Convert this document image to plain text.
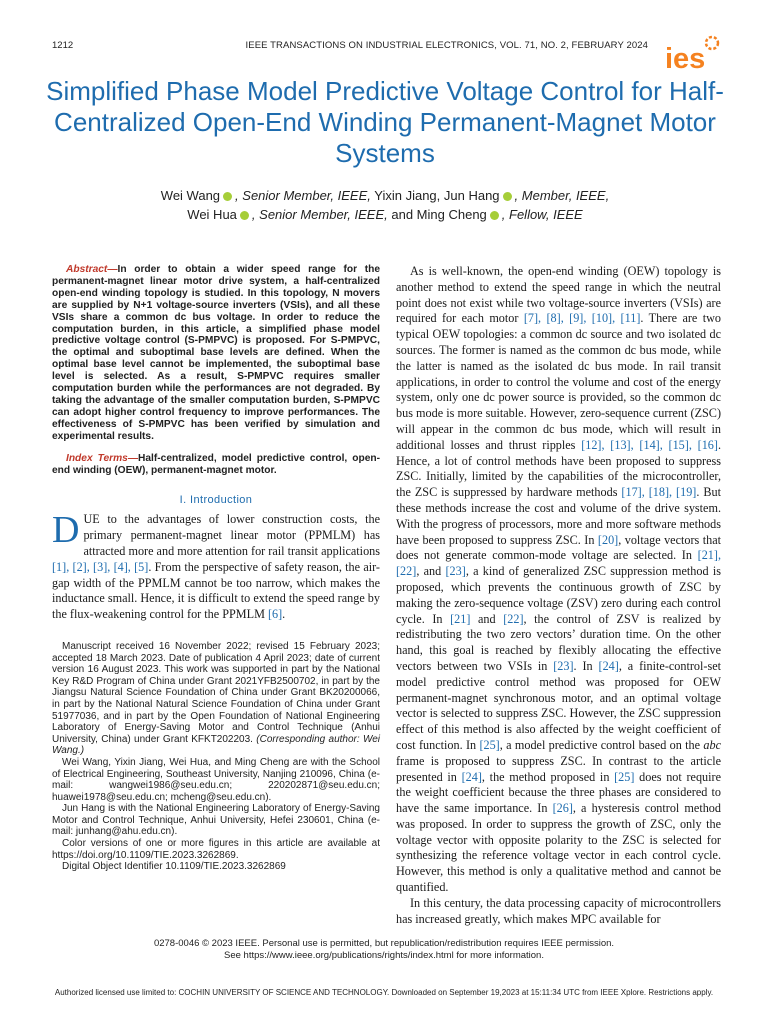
1212	IEEE TRANSACTIONS ON INDUSTRIAL ELECTRONICS, VOL. 71, NO. 2, FEBRUARY 2024 ies
Simplified Phase Model Predictive Voltage Control for Half-Centralized Open-End Winding Permanent-Magnet Motor Systems
Wei Wang , Senior Member, IEEE, Yixin Jiang, Jun Hang , Member, IEEE,
Wei Hua , Senior Member, IEEE, and Ming Cheng , Fellow, IEEE

Abstract—In order to obtain a wider speed range for the permanent-magnet linear motor drive system, a half-centralized open-end winding topology is studied. In this topology, N movers are supplied by N+1 voltage-source inverters (VSIs), and all these VSIs share a common dc bus voltage. In order to reduce the computation burden, in this article, a simplified phase model predictive voltage control (S-PMPVC) is proposed. For S-PMPVC, the optimal and suboptimal base levels are defined. When the optimal base level cannot be implemented, the suboptimal base level is selected. As a result, S-PMPVC requires smaller computation burden while the performances are not degraded. By taking the advantage of the smaller computation burden, S-PMPVC can adopt higher control frequency to improve performances. The effectiveness of S-PMPVC has been verified by simulation and experimental results.

Index Terms—Half-centralized, model predictive control, open-end winding (OEW), permanent-magnet motor.

I. Introduction

DUE to the advantages of lower construction costs, the primary permanent-magnet linear motor (PPMLM) has attracted more and more attention for rail transit applications [1], [2], [3], [4], [5]. From the perspective of safety reason, the air-gap width of the PPMLM cannot be too narrow, which makes the inductance small. Hence, it is difficult to extend the speed range by the flux-weakening control for the PPMLM [6].

Manuscript received 16 November 2022; revised 15 February 2023; accepted 18 March 2023. Date of publication 4 April 2023; date of current version 16 August 2023. This work was supported in part by the National Key R&D Program of China under Grant 2021YFB2500702, in part by the Jiangsu Natural Science Foundation of China under Grant BK20200066, in part by the National Natural Science Foundation of China under Grant 51977036, and in part by the Open Foundation of National Engineering Laboratory of Energy-Saving Motor and Control Technique (Anhui University, China) under Grant KFKT202203. (Corresponding author: Wei Wang.)

Wei Wang, Yixin Jiang, Wei Hua, and Ming Cheng are with the School of Electrical Engineering, Southeast University, Nanjing 210096, China (e-mail: wangwei1986@seu.edu.cn; 220202871@seu.edu.cn; huawei1978@seu.edu.cn; mcheng@seu.edu.cn).

Jun Hang is with the National Engineering Laboratory of Energy-Saving Motor and Control Technique, Anhui University, Hefei 230601, China (e-mail: junhang@ahu.edu.cn).

Color versions of one or more figures in this article are available at https://doi.org/10.1109/TIE.2023.3262869.

Digital Object Identifier 10.1109/TIE.2023.3262869

As is well-known, the open-end winding (OEW) topology is another method to extend the speed range in which the neutral point does not exist while two voltage-source inverters (VSIs) are required for each motor [7], [8], [9], [10], [11]. There are two typical OEW topologies: a common dc source and two isolated dc sources. The former is named as the common dc bus mode, while the latter is named as the isolated dc bus mode. In rail transit applications, in order to control the volume and cost of the energy system, only one dc power source is provided, so the common dc bus mode is more suitable. However, zero-sequence current (ZSC) will appear in the common dc bus mode, which will result in additional losses and thrust ripples [12], [13], [14], [15], [16]. Hence, a lot of control methods have been proposed to suppress ZSC. Initially, limited by the capabilities of the microcontroller, the ZSC is suppressed by hardware methods [17], [18], [19]. But these methods increase the cost and volume of the drive system. With the progress of processors, more and more software methods have been proposed to suppress ZSC. In [20], voltage vectors that does not generate common-mode voltage are selected. In [21], [22], and [23], a kind of generalized ZSC suppression method is proposed, which prevents the continuous growth of ZSC by making the zero-sequence voltage (ZSV) zero during each control cycle. In [21] and [22], the control of ZSV is realized by redistributing the two zero vectors’ duration time. On the other hand, this goal is reached by flexibly allocating the effective vectors between two VSIs in [23]. In [24], a finite-control-set model predictive control method was proposed for OEW permanent-magnet synchronous motor, and an optimal voltage vector is selected to suppress ZSC. However, the ZSC suppression effect of this method is also affected by the weight coefficient of cost function. In [25], a model predictive control based on the abc frame is proposed to suppress ZSC. In contrast to the article presented in [24], the method proposed in [25] does not require the weight coefficient because the three phases are considered to have the same importance. In [26], a hysteresis control method was proposed. In order to suppress the growth of ZSC, only the voltage vector with opposite polarity to the ZSC is selected for synthesizing the reference voltage vector in each control cycle. However, this method is only a qualitative method and cannot be quantified.

In this century, the data processing capacity of microcontrollers has increased greatly, which makes MPC available for

0278-0046 © 2023 IEEE. Personal use is permitted, but republication/redistribution requires IEEE permission.
See https://www.ieee.org/publications/rights/index.html for more information.
Authorized licensed use limited to: COCHIN UNIVERSITY OF SCIENCE AND TECHNOLOGY. Downloaded on September 19,2023 at 15:11:34 UTC from IEEE Xplore. Restrictions apply.
